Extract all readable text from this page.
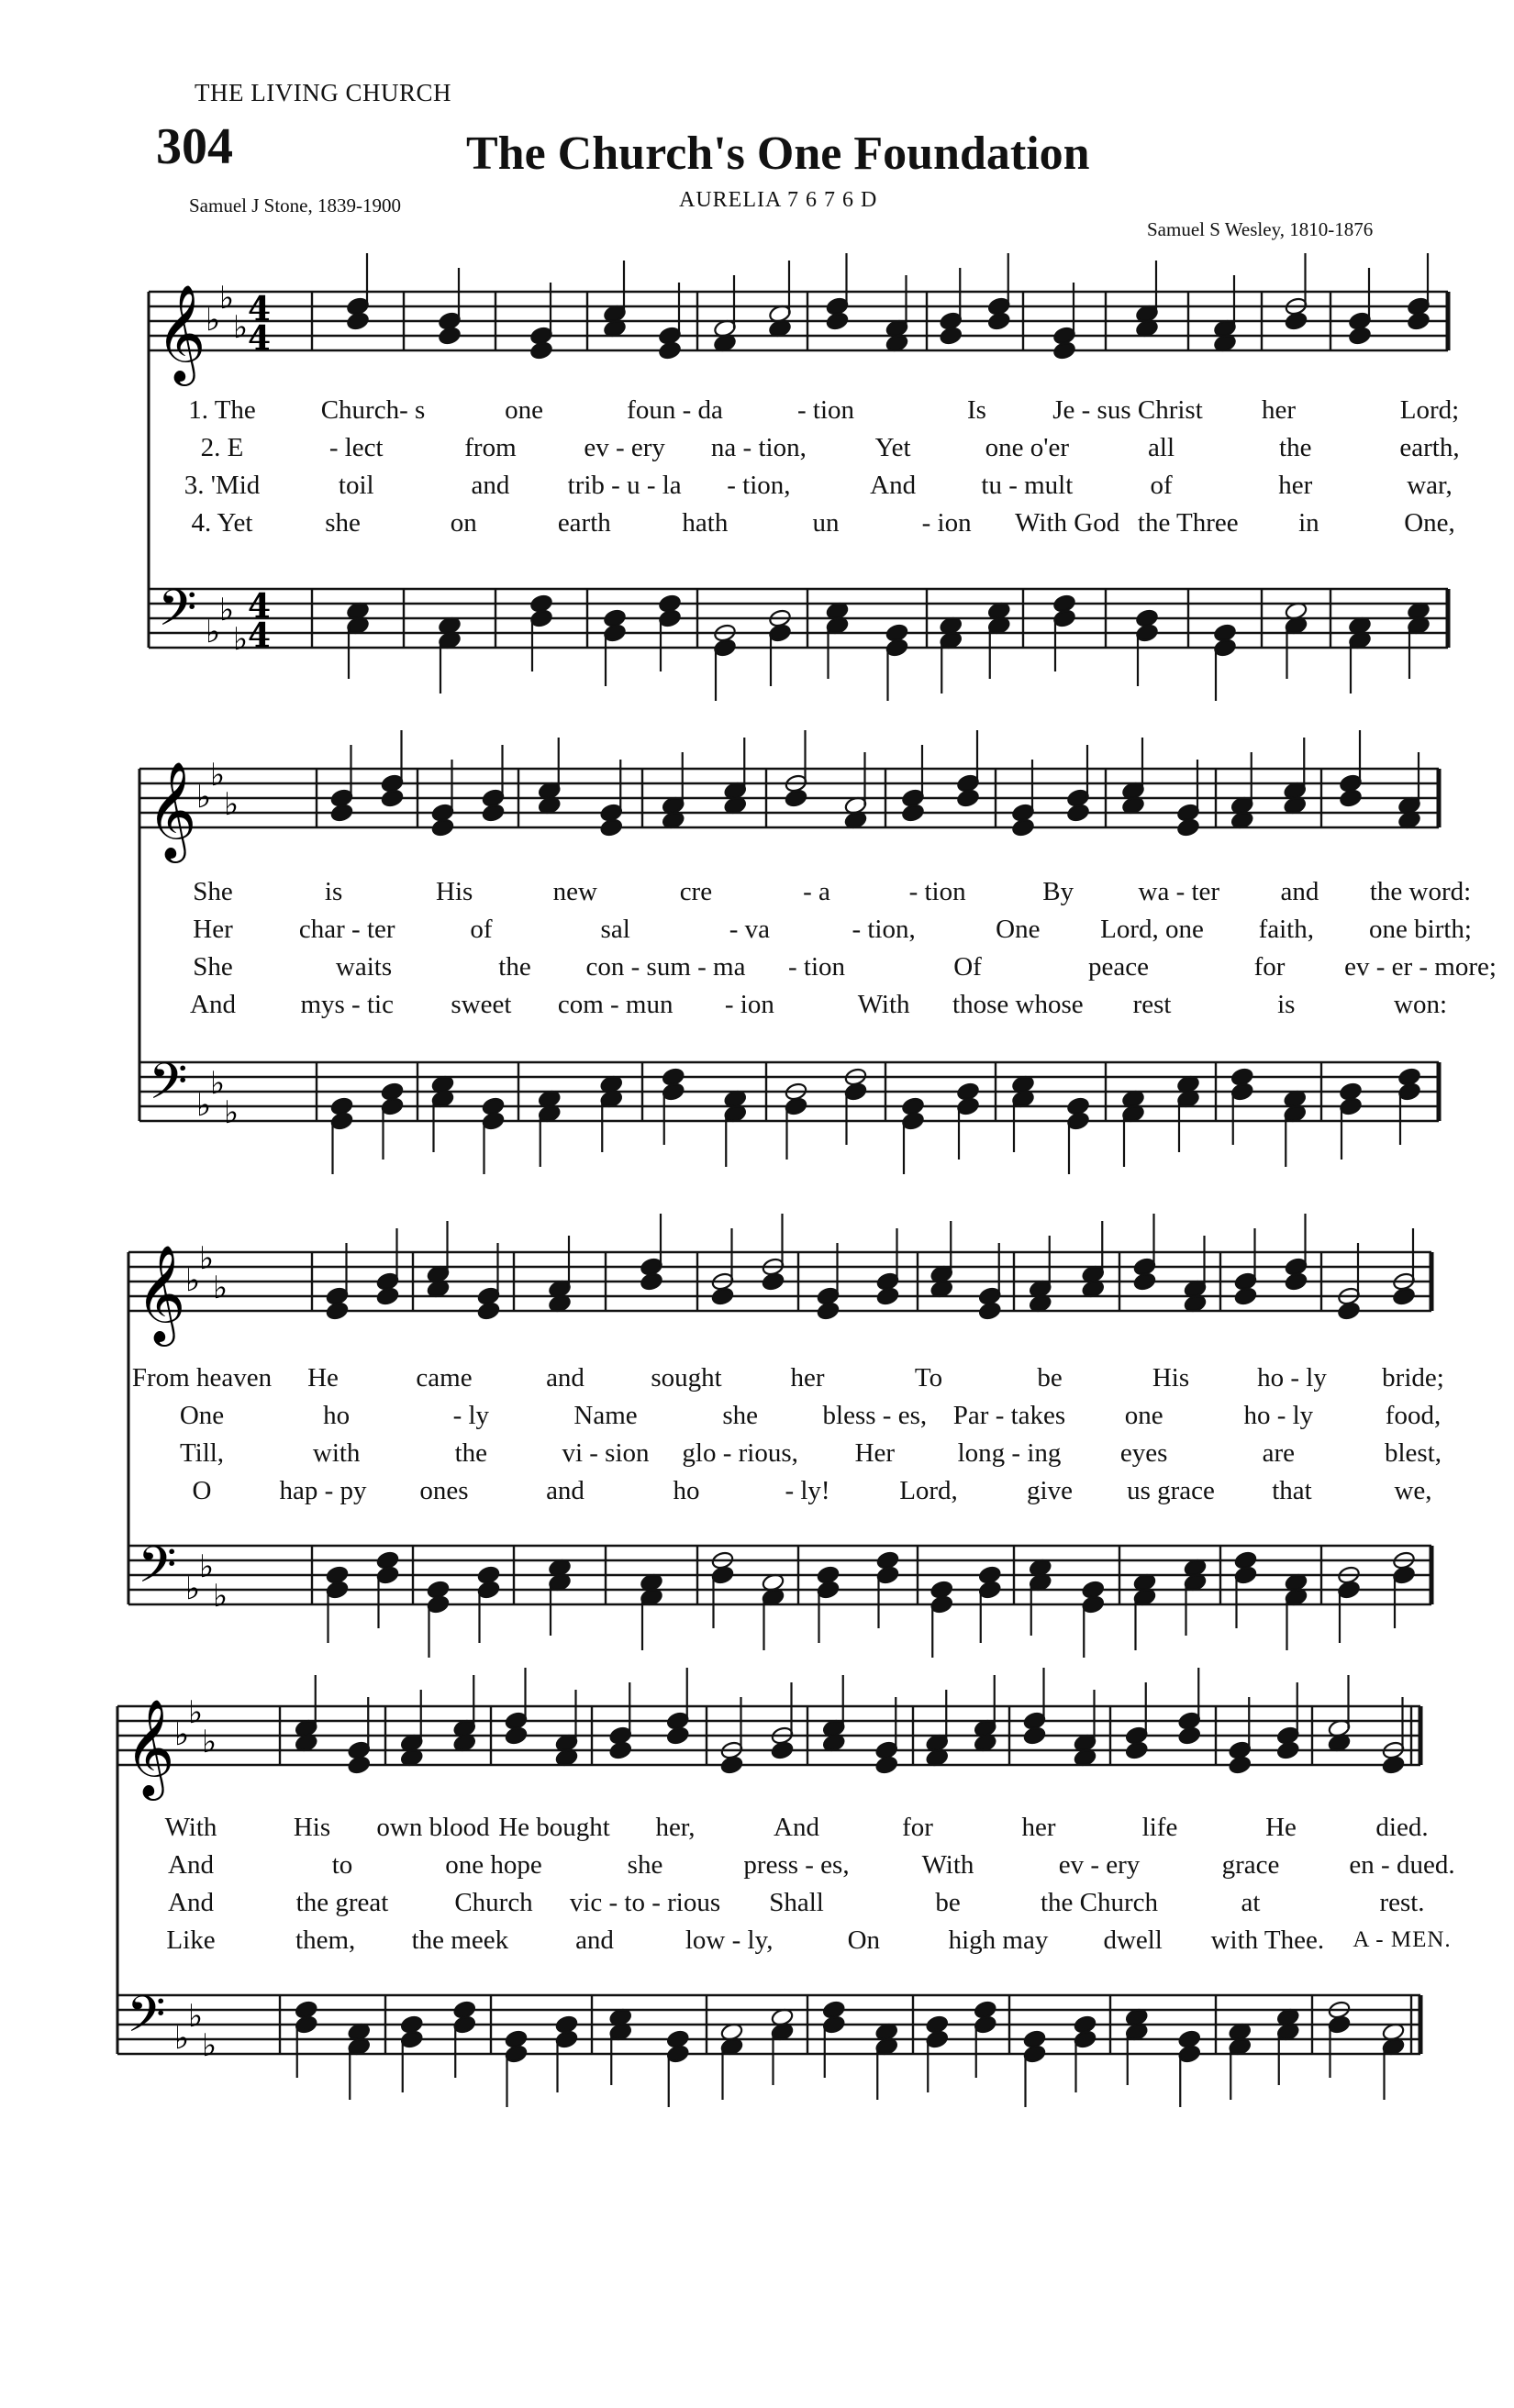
THE LIVING CHURCH
304	The Church's One Foundation
Samuel J Stone, 1839-1900	AURELIA 7 6 7 6 D
Samuel S Wesley, 1810-1876
𝄞 ♭
♭
♭ 4
4
𝄢 ♭
♭
♭
4
4
𝄞 ♭
♭
♭
𝄢 ♭
♭
♭
𝄞 ♭
♭
♭
𝄢 ♭
♭
♭
𝄞 ♭
♭
♭
𝄢 ♭
♭
♭
1. The Church- s	one	foun - da	- tion	Is Je - sus Christ her	Lord;
2. E	- lect	from	ev - ery na - tion,	Yet	one o'er	all	the	earth,
3. 'Mid	toil	and trib - u - la - tion,	And tu - mult	of	her	war,
4. Yet	she	on	earth	hath	un	- ion With God the Three in	One,
She	is	His	new	cre	- a	- tion	By wa - ter and the word:
Her char - ter	of	sal	- va	- tion,	One Lord, one faith, one birth;
She	waits	the con - sum - ma - tion	Of	peace	for ev - er - more;
And mys - tic sweet com - mun - ion	With those whose rest	is	won:
From heaven He	came	and sought	her	To	be	His	ho - ly bride;
One	ho	- ly	Name	she bless - es, Par - takes one	ho - ly	food,
Till,	with	the	vi - sion glo - rious, Her long - ing eyes	are	blest,
O	hap - py ones	and	ho	- ly!	Lord,	give us grace that	we,
With	His own blood He bought her,	And	for	her	life	He	died.
And	to	one hope	she	press - es,	With	ev - ery	grace	en - dued.
And	the great Church vic - to - rious Shall	be	the Church	at	rest.
Like	them, the meek	and	low - ly,	On	high may dwell with Thee. A - MEN.
